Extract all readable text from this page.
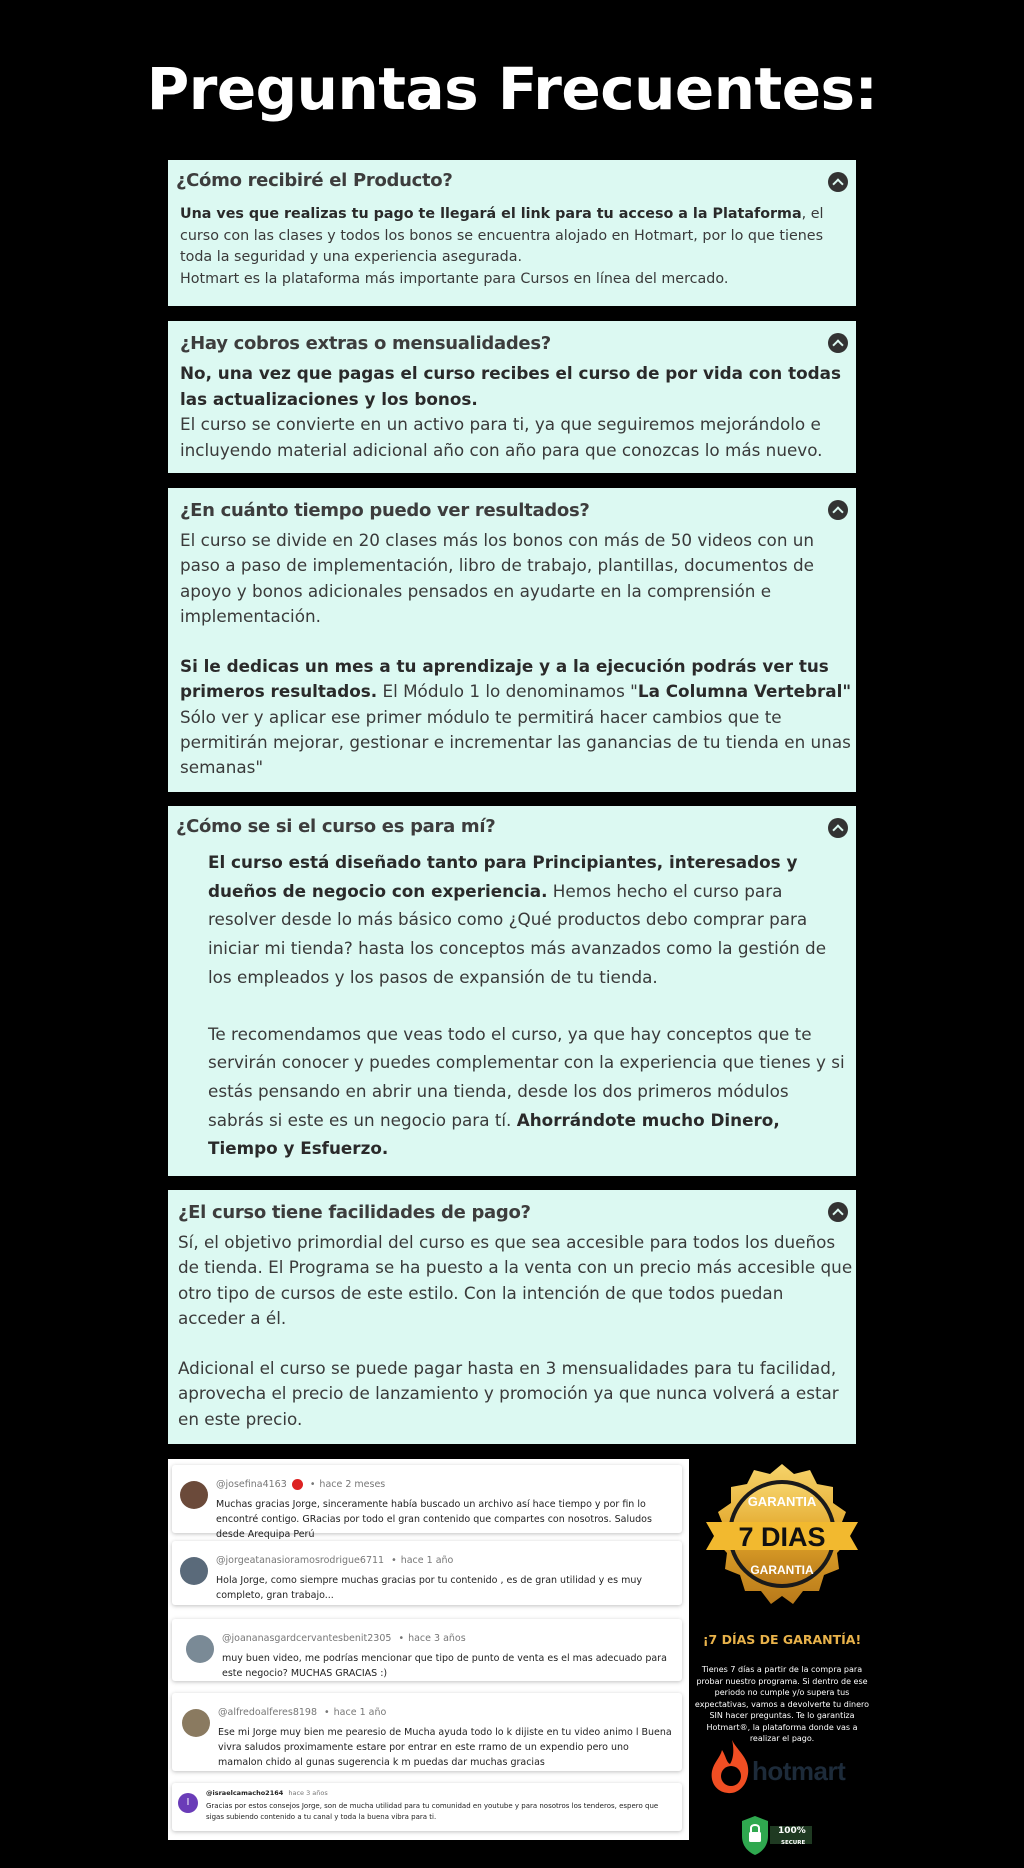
Preguntas Frecuentes:
¿Cómo recibiré el Producto?
Una ves que realizas tu pago te llegará el link para tu acceso a la Plataforma, el curso con las clases y todos los bonos se encuentra alojado en Hotmart, por lo que tienes toda la seguridad y una experiencia asegurada.
Hotmart es la plataforma más importante para Cursos en línea del mercado.
¿Hay cobros extras o mensualidades?
No, una vez que pagas el curso recibes el curso de por vida con todas las actualizaciones y los bonos.
El curso se convierte en un activo para ti, ya que seguiremos mejorándolo e incluyendo material adicional año con año para que conozcas lo más nuevo.
¿En cuánto tiempo puedo ver resultados?
El curso se divide en 20 clases más los bonos con más de 50 videos con un paso a paso de implementación, libro de trabajo, plantillas, documentos de apoyo y bonos adicionales pensados en ayudarte en la comprensión e implementación.
Si le dedicas un mes a tu aprendizaje y a la ejecución podrás ver tus primeros resultados. El Módulo 1 lo denominamos "La Columna Vertebral"
Sólo ver y aplicar ese primer módulo te permitirá hacer cambios que te permitirán mejorar, gestionar e incrementar las ganancias de tu tienda en unas semanas"
¿Cómo se si el curso es para mí?
El curso está diseñado tanto para Principiantes, interesados y dueños de negocio con experiencia. Hemos hecho el curso para resolver desde lo más básico como ¿Qué productos debo comprar para iniciar mi tienda? hasta los conceptos más avanzados como la gestión de los empleados y los pasos de expansión de tu tienda.
Te recomendamos que veas todo el curso, ya que hay conceptos que te servirán conocer y puedes complementar con la experiencia que tienes y si estás pensando en abrir una tienda, desde los dos primeros módulos sabrás si este es un negocio para tí. Ahorrándote mucho Dinero, Tiempo y Esfuerzo.
¿El curso tiene facilidades de pago?
Sí, el objetivo primordial del curso es que sea accesible para todos los dueños de tienda. El Programa se ha puesto a la venta con un precio más accesible que otro tipo de cursos de este estilo. Con la intención de que todos puedan acceder a él.
Adicional el curso se puede pagar hasta en 3 mensualidades para tu facilidad, aprovecha el precio de lanzamiento y promoción ya que nunca volverá a estar en este precio.
@josefina4163 • hace 2 meses
Muchas gracias Jorge, sinceramente había buscado un archivo así hace tiempo y por fin lo encontré contigo. GRacias por todo el gran contenido que compartes con nosotros. Saludos desde Arequipa Perú
@jorgeatanasioramosrodrigue6711 • hace 1 año
Hola Jorge, como siempre muchas gracias por tu contenido , es de gran utilidad y es muy completo, gran trabajo...
@joananasgardcervantesbenit2305 • hace 3 años
muy buen video, me podrías mencionar que tipo de punto de venta es el mas adecuado para este negocio? MUCHAS GRACIAS :)
@alfredoalferes8198 • hace 1 año
Ese mi Jorge muy bien me pearesio de Mucha ayuda todo lo k dijiste en tu video animo l Buena vivra saludos proximamente estare por entrar en este rramo de un expendio pero uno mamalon chido al gunas sugerencia k m puedas dar muchas gracias
I
@israelcamacho2164 hace 3 años
Gracias por estos consejos Jorge, son de mucha utilidad para tu comunidad en youtube y para nosotros los tenderos, espero que sigas subiendo contenido a tu canal y toda la buena vibra para ti.
7 DIAS
GARANTIA
GARANTIA
¡7 DÍAS DE GARANTÍA!
Tienes 7 días a partir de la compra para probar nuestro programa. Si dentro de ese periodo no cumple y/o supera tus expectativas, vamos a devolverte tu dinero SIN hacer preguntas. Te lo garantiza Hotmart®, la plataforma donde vas a realizar el pago.
hotmart
100%
SECURE
